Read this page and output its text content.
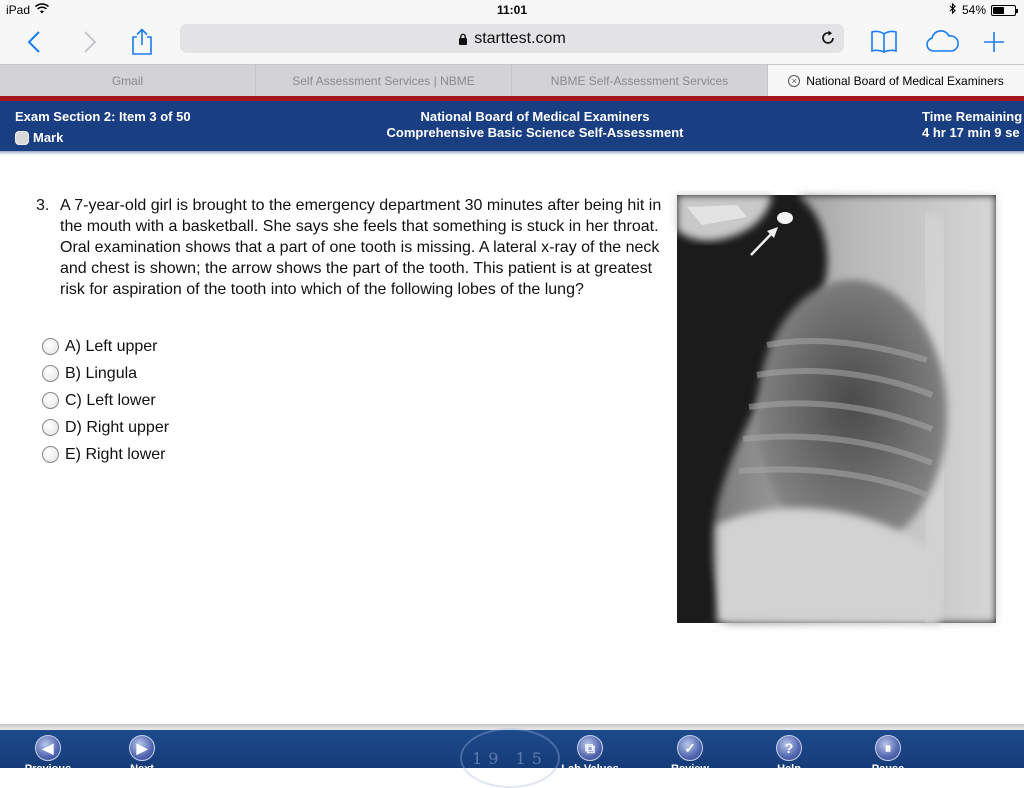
iPad	11:01	54%
starttest.com
Gmail	Self Assessment Services | NBME	NBME Self-Assessment Services	× National Board of Medical Examiners
Exam Section 2: Item 3 of 50
Mark
National Board of Medical Examiners
Comprehensive Basic Science Self-Assessment
Time Remaining
4 hr 17 min 9 se
3. A 7-year-old girl is brought to the emergency department 30 minutes after being hit in the mouth with a basketball. She says she feels that something is stuck in her throat. Oral examination shows that a part of one tooth is missing. A lateral x-ray of the neck and chest is shown; the arrow shows the part of the tooth. This patient is at greatest risk for aspiration of the tooth into which of the following lobes of the lung?
A) Left upper
B) Lingula
C) Left lower
D) Right upper
E) Right lower
19 15
◀
Previous
▶
Next
⧉
Lab Values
✓
Review
?
Help
⏸
Pause
